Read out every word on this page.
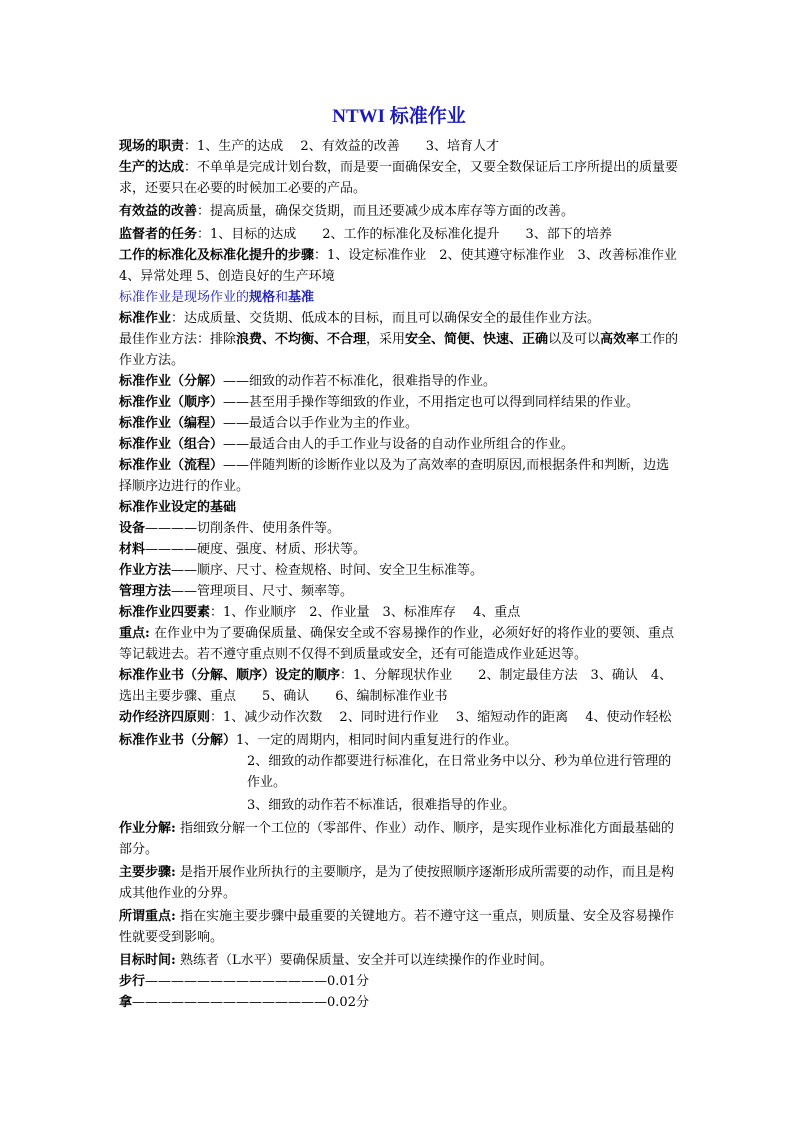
NTWI 标准作业

现场的职责：1、生产的达成　 2、有效益的改善　　3、培育人才

生产的达成：不单单是完成计划台数，而是要一面确保安全，又要全数保证后工序所提出的质量要求，还要只在必要的时候加工必要的产品。

有效益的改善：提高质量，确保交货期，而且还要减少成本库存等方面的改善。

监督者的任务：1、目标的达成　　2、工作的标准化及标准化提升　　3、部下的培养

工作的标准化及标准化提升的步骤：1、设定标准作业　2、使其遵守标准作业　3、改善标准作业　 4、异常处理 5、创造良好的生产环境

标准作业是现场作业的规格和基准

标准作业：达成质量、交货期、低成本的目标，而且可以确保安全的最佳作业方法。

最佳作业方法：排除浪费、不均衡、不合理，采用安全、简便、快速、正确以及可以高效率工作的作业方法。

标准作业（分解）——细致的动作若不标准化，很难指导的作业。

标准作业（顺序）——甚至用手操作等细致的作业，不用指定也可以得到同样结果的作业。

标准作业（编程）——最适合以手作业为主的作业。

标准作业（组合）——最适合由人的手工作业与设备的自动作业所组合的作业。

标准作业（流程）——伴随判断的诊断作业以及为了高效率的查明原因,而根据条件和判断，边选择顺序边进行的作业。

标准作业设定的基础

设备————切削条件、使用条件等。

材料————硬度、强度、材质、形状等。

作业方法——顺序、尺寸、检查规格、时间、安全卫生标准等。

管理方法——管理项目、尺寸、频率等。

标准作业四要素：1、作业顺序　2、作业量　3、标准库存　 4、重点

重点: 在作业中为了要确保质量、确保安全或不容易操作的作业，必须好好的将作业的要领、重点等记载进去。若不遵守重点则不仅得不到质量或安全，还有可能造成作业延迟等。

标准作业书（分解、顺序）设定的顺序：1、分解现状作业　　2、制定最佳方法　3、确认　4、选出主要步骤、重点　　5、确认　　6、编制标准作业书

动作经济四原则：1、减少动作次数　 2、同时进行作业　 3、缩短动作的距离　 4、使动作轻松

标准作业书（分解）1、一定的周期内，相同时间内重复进行的作业。

2、细致的动作都要进行标准化，在日常业务中以分、秒为单位进行管理的作业。

3、细致的动作若不标准话，很难指导的作业。

作业分解: 指细致分解一个工位的（零部件、作业）动作、顺序，是实现作业标准化方面最基础的部分。

主要步骤: 是指开展作业所执行的主要顺序，是为了使按照顺序逐渐形成所需要的动作，而且是构成其他作业的分界。

所谓重点: 指在实施主要步骤中最重要的关键地方。若不遵守这一重点，则质量、安全及容易操作性就要受到影响。

目标时间: 熟练者（L水平）要确保质量、安全并可以连续操作的作业时间。

步行——————————————0.01分

拿———————————————0.02分
